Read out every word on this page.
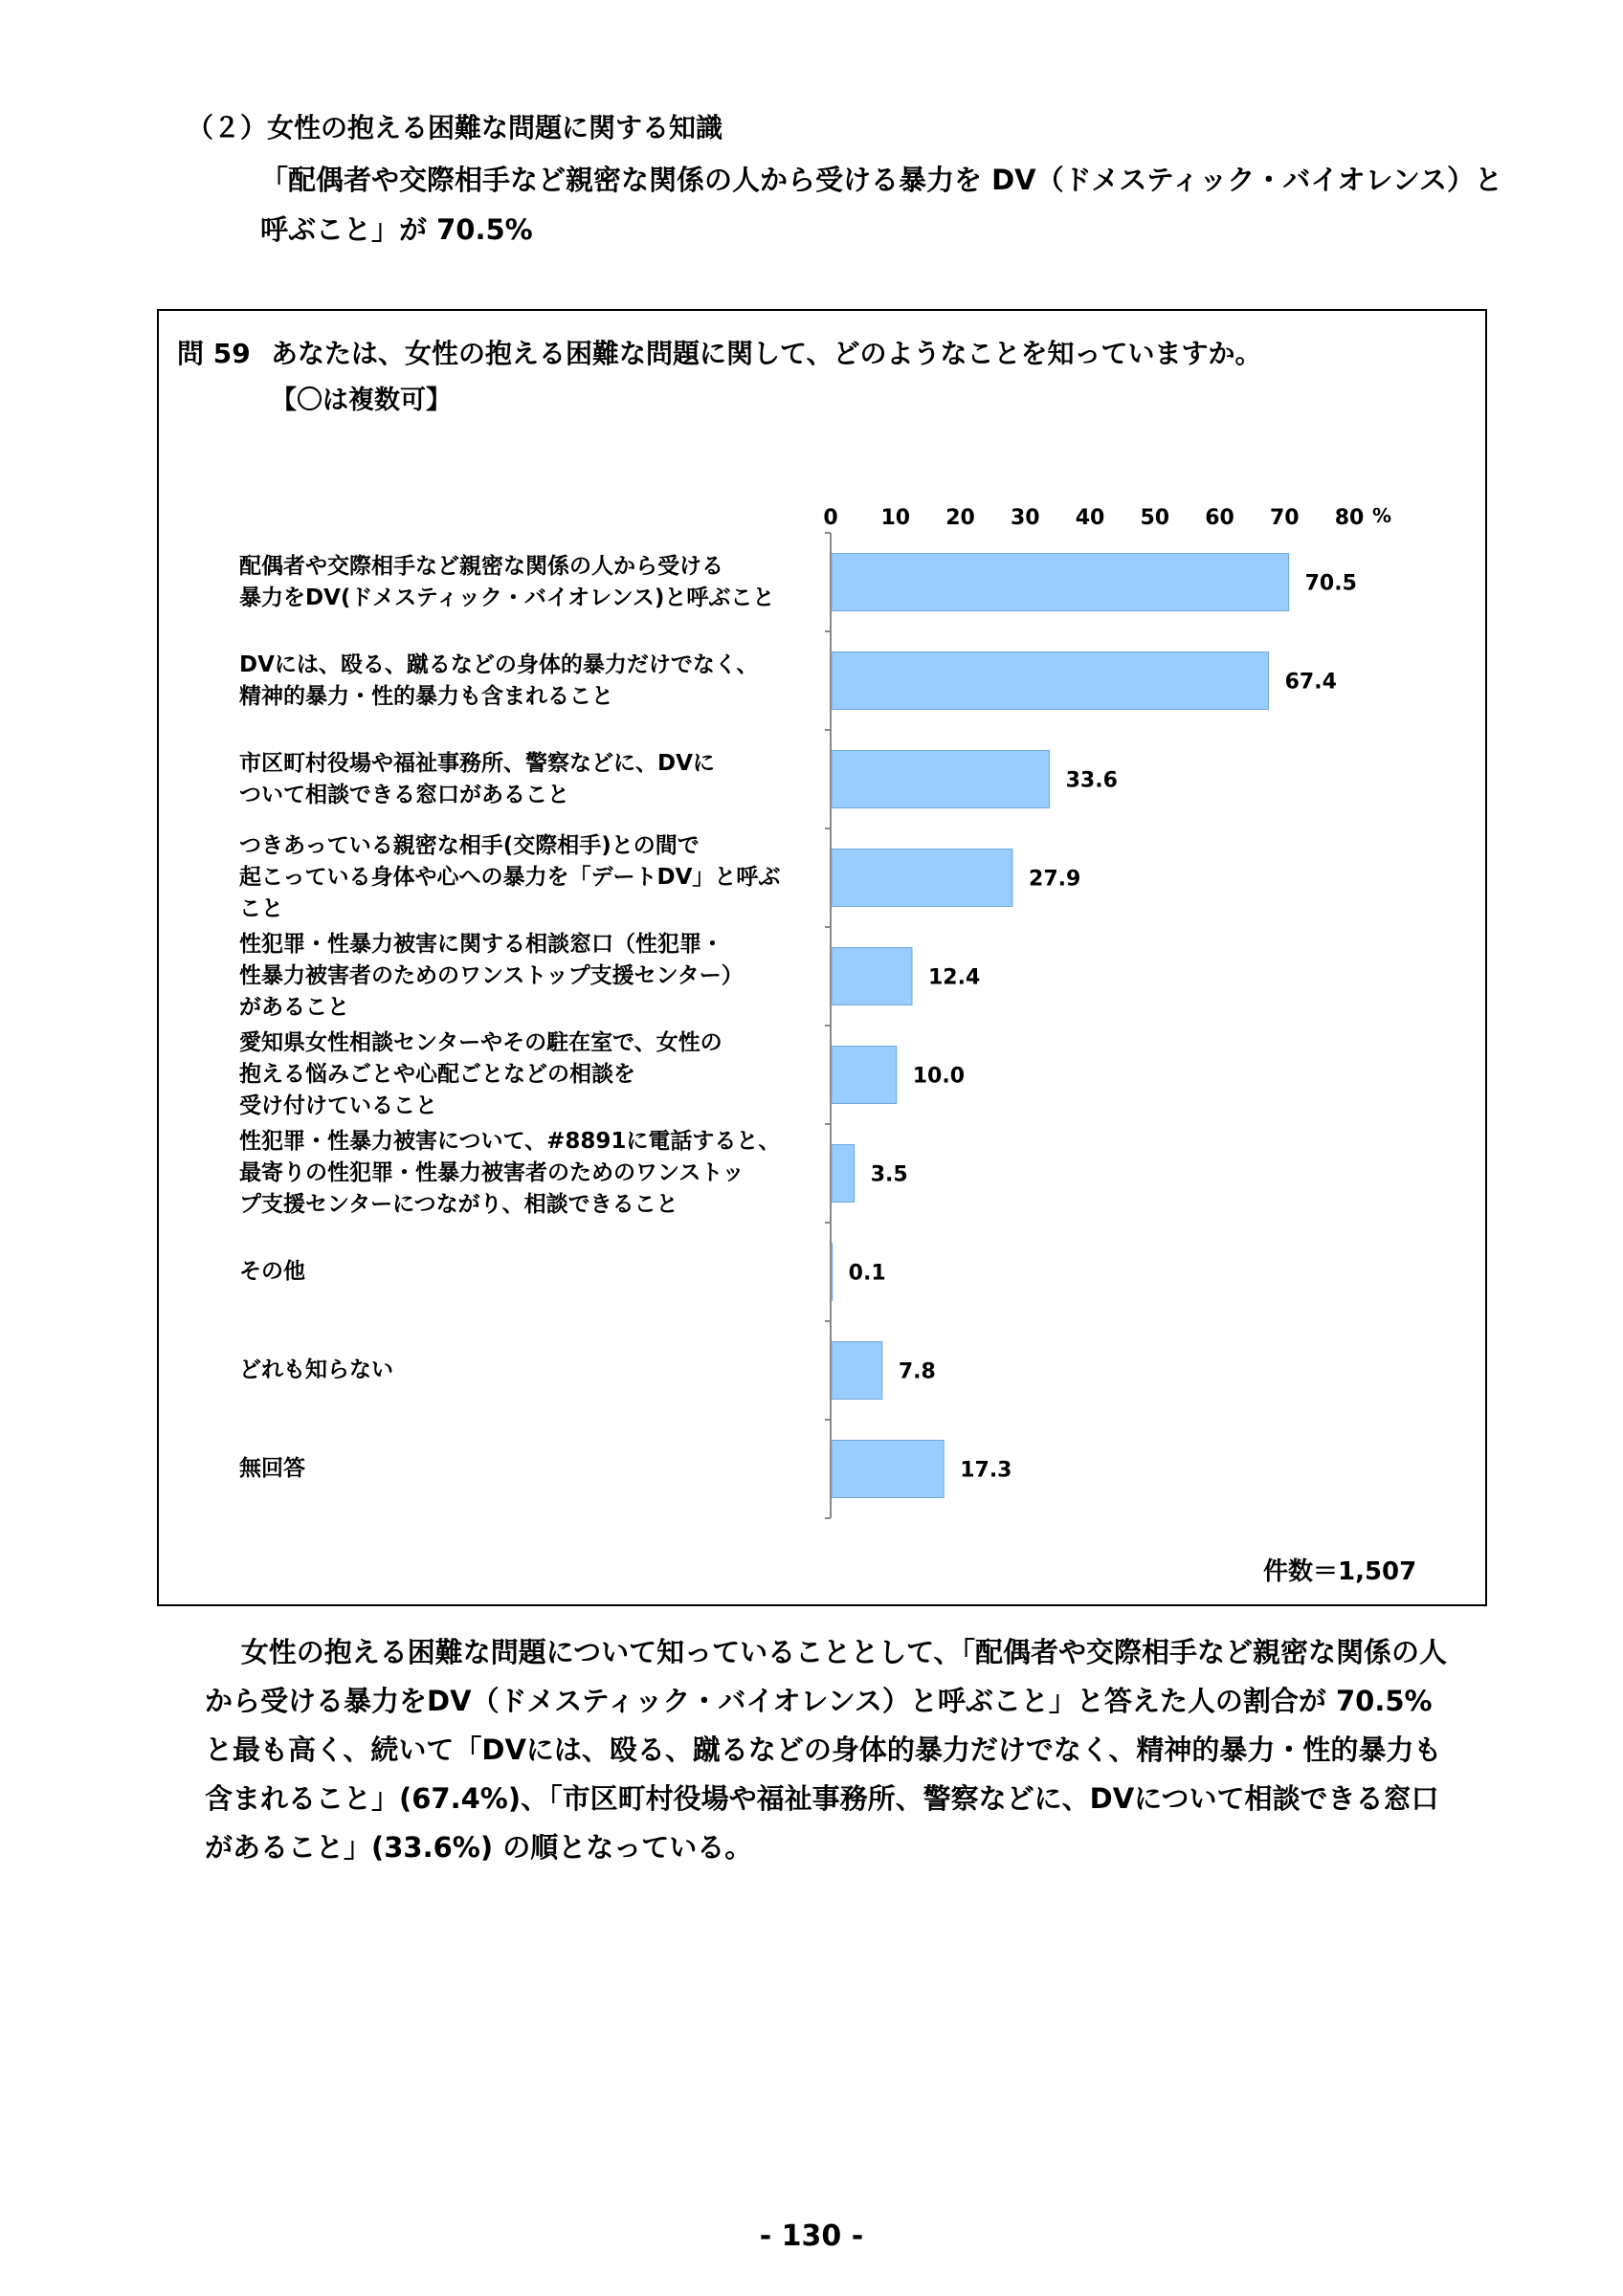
（２）女性の抱える困難な問題に関する知識
「配偶者や交際相手など親密な関係の人から受ける暴力を DV（ドメスティック・バイオレンス）と呼ぶこと」が 70.5%
問 59 あなたは、女性の抱える困難な問題に関して、どのようなことを知っていますか。
【〇は複数可】
配偶者や交際相手など親密な関係の人から受ける
暴力をDV(ドメスティック・バイオレンス)と呼ぶこと
DVには、殴る、蹴るなどの身体的暴力だけでなく、
精神的暴力・性的暴力も含まれること
市区町村役場や福祉事務所、警察などに、DVに
ついて相談できる窓口があること
つきあっている親密な相手(交際相手)との間で
起こっている身体や心への暴力を「デートDV」と呼ぶ
こと
性犯罪・性暴力被害に関する相談窓口（性犯罪・
性暴力被害者のためのワンストップ支援センター）
があること
愛知県女性相談センターやその駐在室で、女性の
抱える悩みごとや心配ごとなどの相談を
受け付けていること
性犯罪・性暴力被害について、#8891に電話すると、
最寄りの性犯罪・性暴力被害者のためのワンストッ
プ支援センターにつながり、相談できること
その他
どれも知らない
無回答
0 10 20 30 40 50 60 70 80 %
70.5
67.4
33.6
27.9
12.4
10.0
3.5
0.1
7.8
17.3
件数＝1,507
女性の抱える困難な問題について知っていることとして、「配偶者や交際相手など親密な関係の人から受ける暴力をDV（ドメスティック・バイオレンス）と呼ぶこと」と答えた人の割合が 70.5% と最も高く、続いて「DVには、殴る、蹴るなどの身体的暴力だけでなく、精神的暴力・性的暴力も含まれること」(67.4%)、「市区町村役場や福祉事務所、警察などに、DVについて相談できる窓口があること」(33.6%) の順となっている。
- 130 -
